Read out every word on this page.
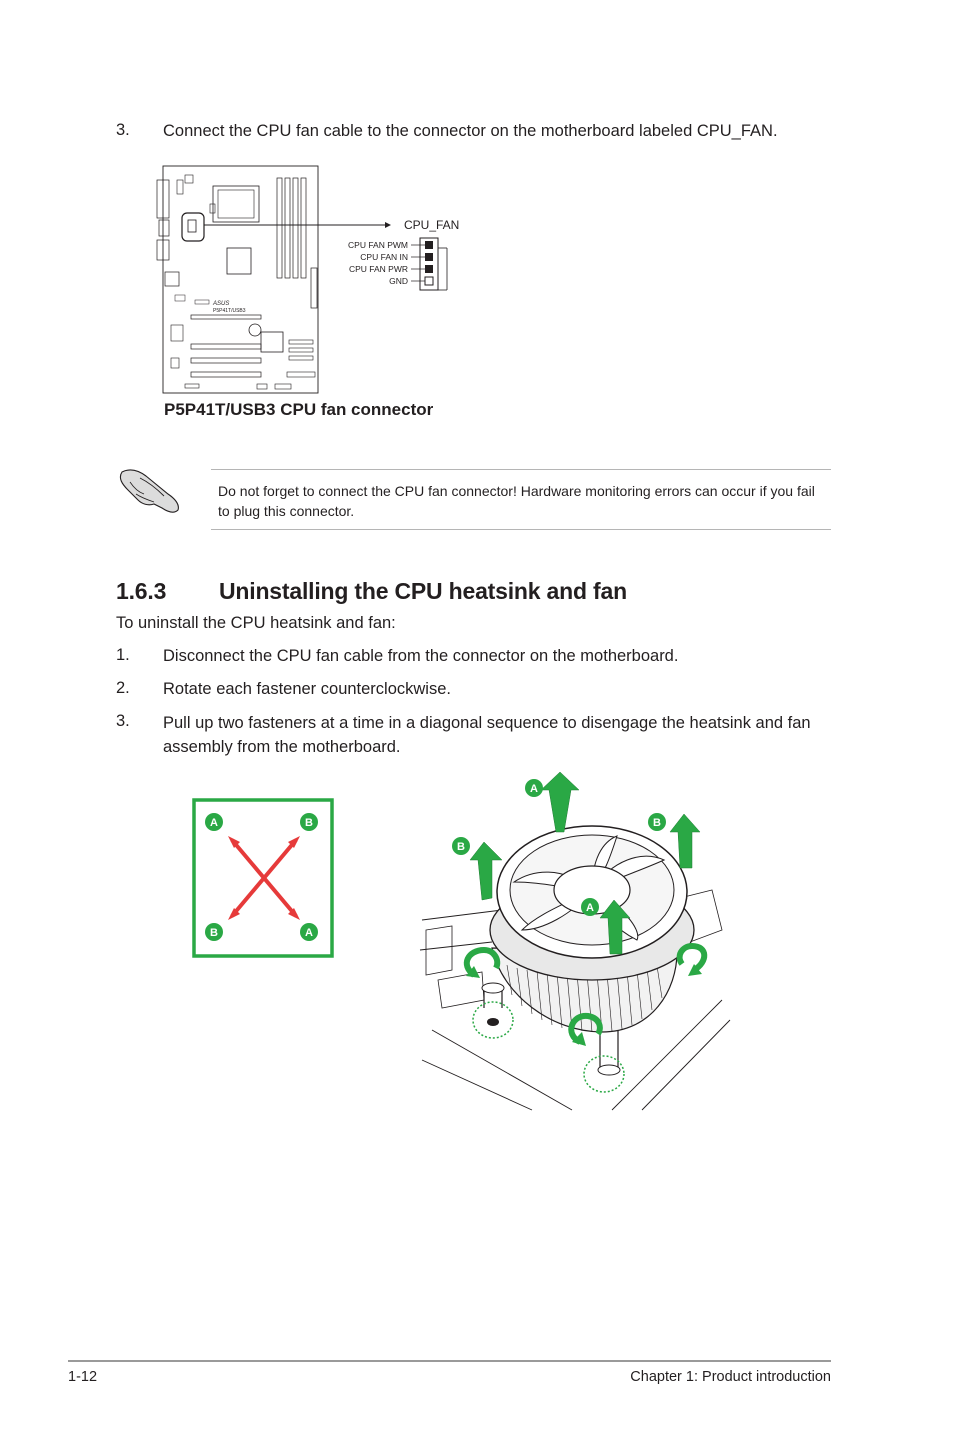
3. Connect the CPU fan cable to the connector on the motherboard labeled CPU_FAN.
ASUS
P5P41T/USB3
CPU_FAN
CPU FAN PWM
CPU FAN IN
CPU FAN PWR
GND
P5P41T/USB3 CPU fan connector
Do not forget to connect the CPU fan connector! Hardware monitoring errors can occur if you fail to plug this connector.
1.6.3 Uninstalling the CPU heatsink and fan
To uninstall the CPU heatsink and fan:
1. Disconnect the CPU fan cable from the connector on the motherboard.
2. Rotate each fastener counterclockwise.
3. Pull up two fasteners at a time in a diagonal sequence to disengage the heatsink and fan assembly from the motherboard.
A	B
B	A
A
B
B
A
1-12	Chapter 1: Product introduction
